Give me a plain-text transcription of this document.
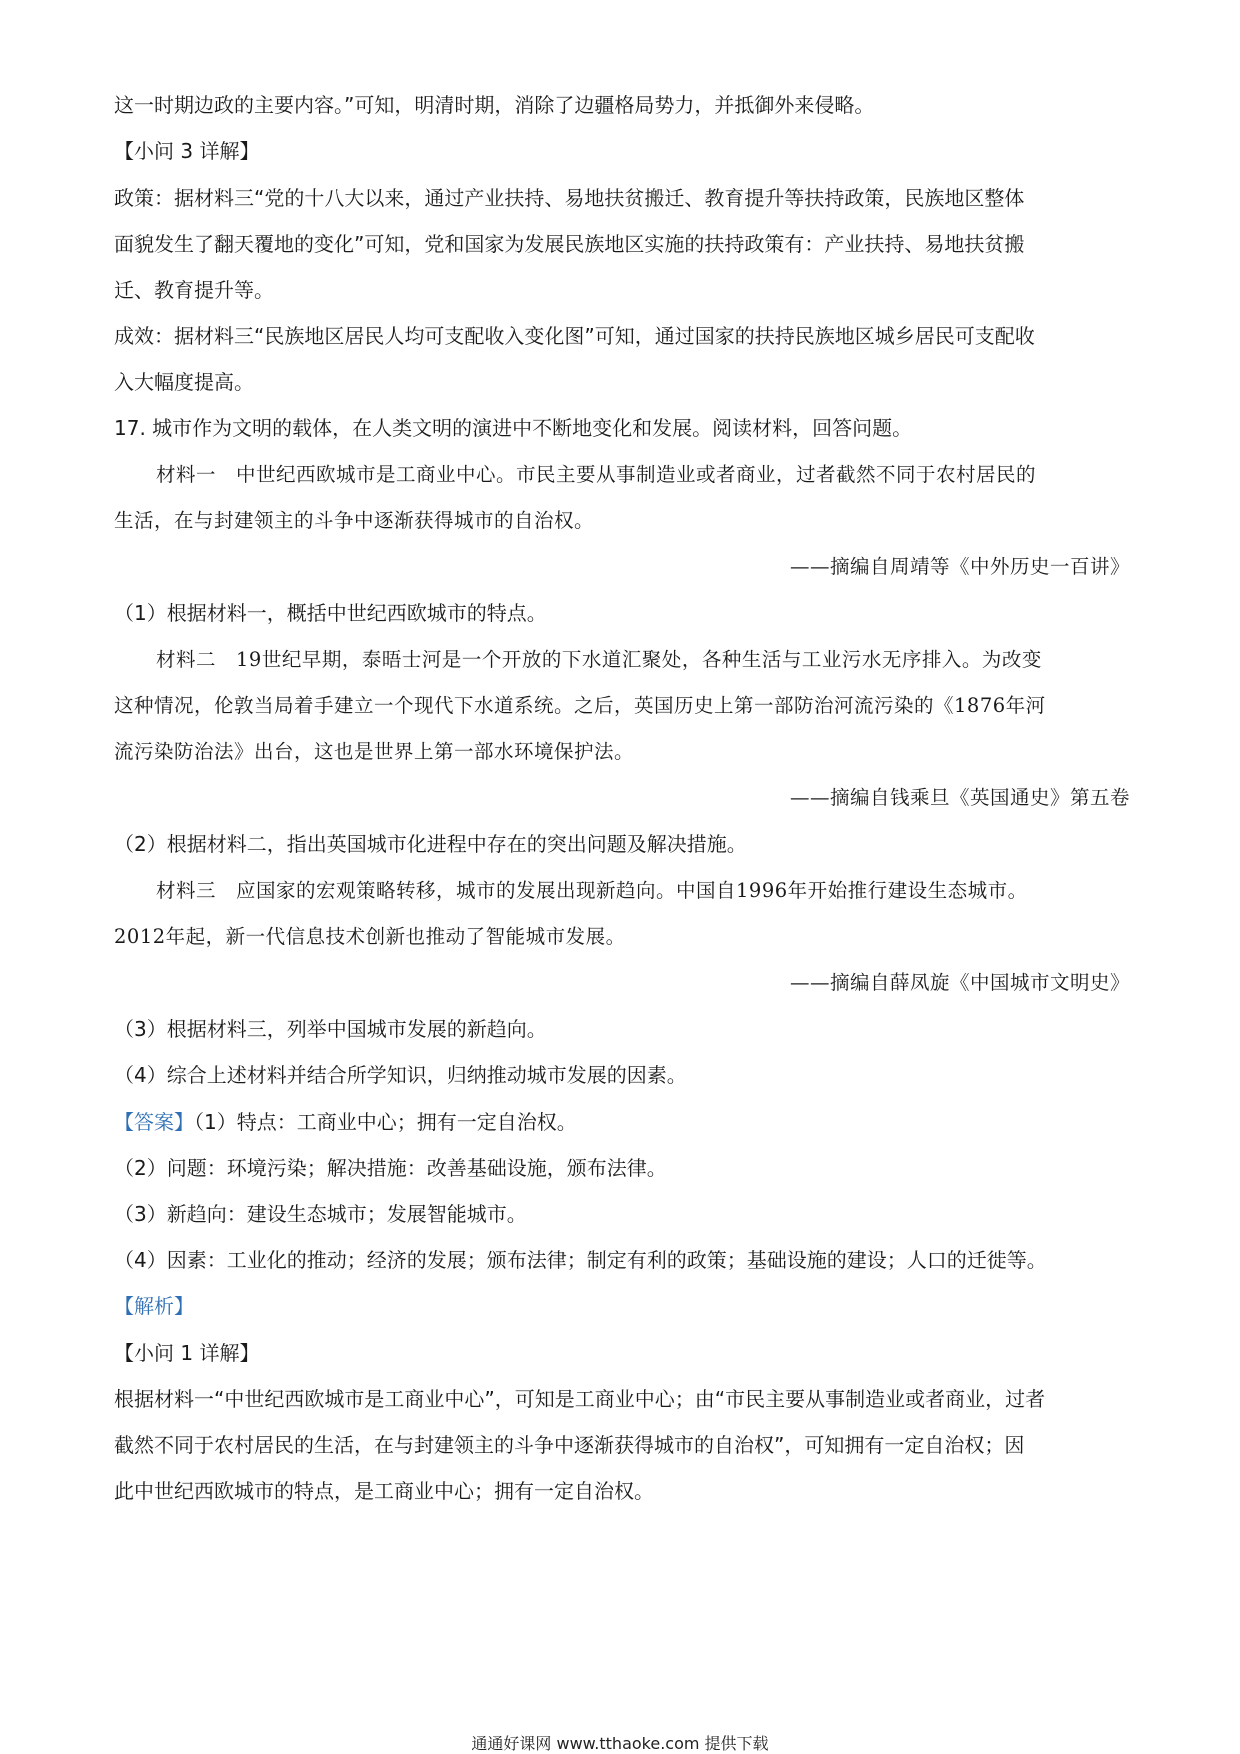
这一时期边政的主要内容。”可知，明清时期，消除了边疆格局势力，并抵御外来侵略。
【小问 3 详解】
政策：据材料三“党的十八大以来，通过产业扶持、易地扶贫搬迁、教育提升等扶持政策，民族地区整体
面貌发生了翻天覆地的变化”可知，党和国家为发展民族地区实施的扶持政策有：产业扶持、易地扶贫搬
迁、教育提升等。
成效：据材料三“民族地区居民人均可支配收入变化图”可知，通过国家的扶持民族地区城乡居民可支配收
入大幅度提高。
17. 城市作为文明的载体，在人类文明的演进中不断地变化和发展。阅读材料，回答问题。
材料一　中世纪西欧城市是工商业中心。市民主要从事制造业或者商业，过者截然不同于农村居民的
生活，在与封建领主的斗争中逐渐获得城市的自治权。
——摘编自周靖等《中外历史一百讲》
（1）根据材料一，概括中世纪西欧城市的特点。
材料二　19世纪早期，泰晤士河是一个开放的下水道汇聚处，各种生活与工业污水无序排入。为改变
这种情况，伦敦当局着手建立一个现代下水道系统。之后，英国历史上第一部防治河流污染的《1876年河
流污染防治法》出台，这也是世界上第一部水环境保护法。
——摘编自钱乘旦《英国通史》第五卷
（2）根据材料二，指出英国城市化进程中存在的突出问题及解决措施。
材料三　应国家的宏观策略转移，城市的发展出现新趋向。中国自1996年开始推行建设生态城市。
2012年起，新一代信息技术创新也推动了智能城市发展。
——摘编自薛凤旋《中国城市文明史》
（3）根据材料三，列举中国城市发展的新趋向。
（4）综合上述材料并结合所学知识，归纳推动城市发展的因素。
【答案】（1）特点：工商业中心；拥有一定自治权。
（2）问题：环境污染；解决措施：改善基础设施，颁布法律。
（3）新趋向：建设生态城市；发展智能城市。
（4）因素：工业化的推动；经济的发展；颁布法律；制定有利的政策；基础设施的建设；人口的迁徙等。
【解析】
【小问 1 详解】
根据材料一“中世纪西欧城市是工商业中心”，可知是工商业中心；由“市民主要从事制造业或者商业，过者
截然不同于农村居民的生活，在与封建领主的斗争中逐渐获得城市的自治权”，可知拥有一定自治权；因
此中世纪西欧城市的特点，是工商业中心；拥有一定自治权。
通通好课网 www.tthaoke.com 提供下载
